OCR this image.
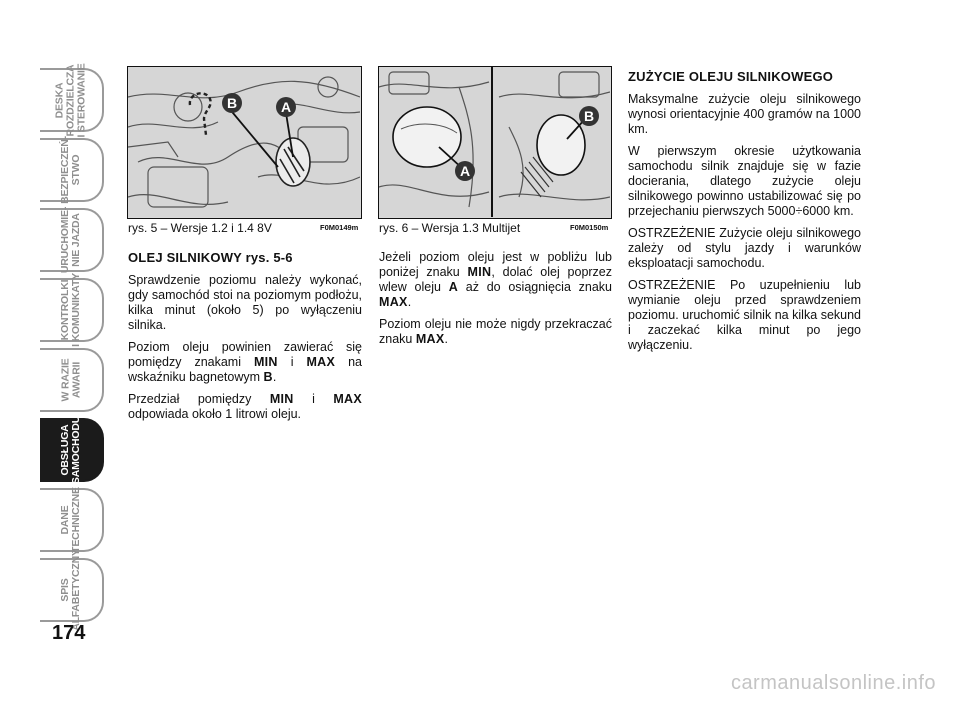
DESKA
ROZDZIELCZA
I STEROWANIE
BEZPIECZEŃ-
STWO
URUCHOMIE-
NIE JAZDA
KONTROLKI
I KOMUNIKATY
W RAZIE
AWARII
OBSŁUGA
SAMOCHODU
DANE
TECHNICZNE
SPIS
ALFABETYCZNY
174
B	A
rys. 5 – Wersje 1.2 i 1.4 8V	F0M0149m
A
B
rys. 6 – Wersja 1.3 Multijet	F0M0150m
OLEJ SILNIKOWY rys. 5-6

Sprawdzenie poziomu należy wykonać, gdy samochód stoi na poziomym podłożu, kilka minut (około 5) po wyłączeniu silnika.

Poziom oleju powinien zawierać się pomiędzy znakami MIN i MAX na wskaźniku bagnetowym B.

Przedział pomiędzy MIN i MAX odpowiada około 1 litrowi oleju.

Jeżeli poziom oleju jest w pobliżu lub poniżej znaku MIN, dolać olej poprzez wlew oleju A aż do osiągnięcia znaku MAX.

Poziom oleju nie może nigdy przekraczać znaku MAX.

ZUŻYCIE OLEJU SILNIKOWEGO

Maksymalne zużycie oleju silnikowego wynosi orientacyjnie 400 gramów na 1000 km.

W pierwszym okresie użytkowania samochodu silnik znajduje się w fazie docierania, dlatego zużycie oleju silnikowego powinno ustabilizować się po przejechaniu pierwszych 5000÷6000 km.

OSTRZEŻENIE Zużycie oleju silnikowego zależy od stylu jazdy i warunków eksploatacji samochodu.

OSTRZEŻENIE Po uzupełnieniu lub wymianie oleju przed sprawdzeniem poziomu. uruchomić silnik na kilka sekund i zaczekać kilka minut po jego wyłączeniu.

carmanualsonline.info
